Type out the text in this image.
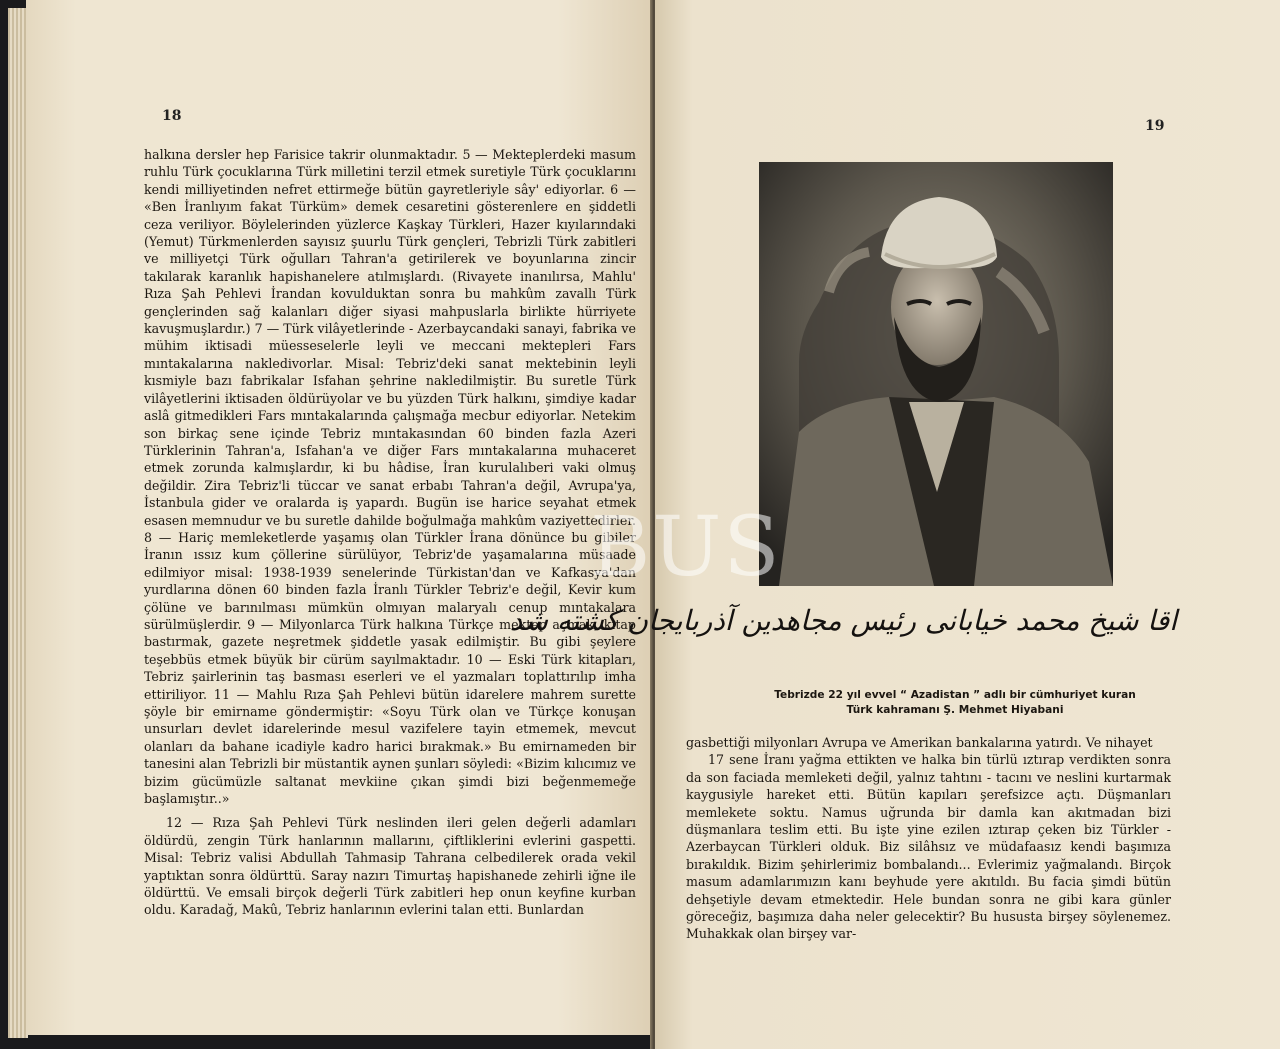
18

halkına dersler hep Farisice takrir olunmaktadır. 5 — Mekteplerdeki masum ruhlu Türk çocuklarına Türk milletini terzil etmek suretiyle Türk çocuklarını kendi milliyetinden nefret ettirmeğe bütün gayretleriyle sây' ediyorlar. 6 — «Ben İranlıyım fakat Türküm» demek cesaretini gösterenlere en şiddetli ceza veriliyor. Böylelerinden yüzlerce Kaşkay Türkleri, Hazer kıyılarındaki (Yemut) Türkmenlerden sayısız şuurlu Türk gençleri, Tebrizli Türk zabitleri ve milliyetçi Türk oğulları Tahran'a getirilerek ve boyunlarına zincir takılarak karanlık hapishanelere atılmışlardı. (Rivayete inanılırsa, Mahlu' Rıza Şah Pehlevi İrandan kovulduktan sonra bu mahkûm zavallı Türk gençlerinden sağ kalanları diğer siyasi mahpuslarla birlikte hürriyete kavuşmuşlardır.) 7 — Türk vilâyetlerinde - Azerbaycandaki sanayi, fabrika ve mühim iktisadi müesseselerle leyli ve meccani mektepleri Fars mıntakalarına nakledivorlar. Misal: Tebriz'deki sanat mektebinin leyli kısmiyle bazı fabrikalar Isfahan şehrine nakledilmiştir. Bu suretle Türk vilâyetlerini iktisaden öldürüyolar ve bu yüzden Türk halkını, şimdiye kadar aslâ gitmedikleri Fars mıntakalarında çalışmağa mecbur ediyorlar. Netekim son birkaç sene içinde Tebriz mıntakasından 60 binden fazla Azeri Türklerinin Tahran'a, Isfahan'a ve diğer Fars mıntakalarına muhaceret etmek zorunda kalmışlardır, ki bu hâdise, İran kurulalıberi vaki olmuş değildir. Zira Tebriz'li tüccar ve sanat erbabı Tahran'a değil, Avrupa'ya, İstanbula gider ve oralarda iş yapardı. Bugün ise harice seyahat etmek esasen memnudur ve bu suretle dahilde boğulmağa mahkûm vaziyettedirler. 8 — Hariç memleketlerde yaşamış olan Türkler İrana dönünce bu gibiler İranın ıssız kum çöllerine sürülüyor, Tebriz'de yaşamalarına müsaade edilmiyor misal: 1938-1939 senelerinde Türkistan'dan ve Kafkasya'dan yurdlarına dönen 60 binden fazla İranlı Türkler Tebriz'e değil, Kevir kum çölüne ve barınılması mümkün olmıyan malaryalı cenup mıntakalara sürülmüşlerdir. 9 — Milyonlarca Türk halkına Türkçe mektep açmak, kitap bastırmak, gazete neşretmek şiddetle yasak edilmiştir. Bu gibi şeylere teşebbüs etmek büyük bir cürüm sayılmaktadır. 10 — Eski Türk kitapları, Tebriz şairlerinin taş basması eserleri ve el yazmaları toplattırılıp imha ettiriliyor. 11 — Mahlu Rıza Şah Pehlevi bütün idarelere mahrem surette şöyle bir emirname göndermiştir: «Soyu Türk olan ve Türkçe konuşan unsurları devlet idarelerinde mesul vazifelere tayin etmemek, mevcut olanları da bahane icadiyle kadro harici bırakmak.» Bu emirnameden bir tanesini alan Tebrizli bir müstantik aynen şunları söyledi: «Bizim kılıcımız ve bizim gücümüzle saltanat mevkiine çıkan şimdi bizi beğenmemeğe başlamıştır..»

12 — Rıza Şah Pehlevi Türk neslinden ileri gelen değerli adamları öldürdü, zengin Türk hanlarının mallarını, çiftliklerini evlerini gaspetti. Misal: Tebriz valisi Abdullah Tahmasip Tahrana celbedilerek orada vekil yaptıktan sonra öldürttü. Saray nazırı Timurtaş hapishanede zehirli iğne ile öldürttü. Ve emsali birçok değerli Türk zabitleri hep onun keyfine kurban oldu. Karadağ, Makû, Tebriz hanlarının evlerini talan etti. Bunlardan

19
اقا شیخ محمد خیابانی رئیس مجاهدین آذربایجان کشته شد
Tebrizde 22 yıl evvel “ Azadistan ” adlı bir cümhuriyet kuran
Türk kahramanı Ş. Mehmet Hiyabani

gasbettiği milyonları Avrupa ve Amerikan bankalarına yatırdı. Ve nihayet

17 sene İranı yağma ettikten ve halka bin türlü ıztırap verdikten sonra da son faciada memleketi değil, yalnız tahtını - tacını ve neslini kurtarmak kaygusiyle hareket etti. Bütün kapıları şerefsizce açtı. Düşmanları memlekete soktu. Namus uğrunda bir damla kan akıtmadan bizi düşmanlara teslim etti. Bu işte yine ezilen ıztırap çeken biz Türkler - Azerbaycan Türkleri olduk. Biz silâhsız ve müdafaasız kendi başımıza bırakıldık. Bizim şehirlerimiz bombalandı... Evlerimiz yağmalandı. Birçok masum adamlarımızın kanı beyhude yere akıtıldı. Bu facia şimdi bütün dehşetiyle devam etmektedir. Hele bundan sonra ne gibi kara günler göreceğiz, başımıza daha neler gelecektir? Bu hususta birşey söylenemez. Muhakkak olan birşey var-

BUS
